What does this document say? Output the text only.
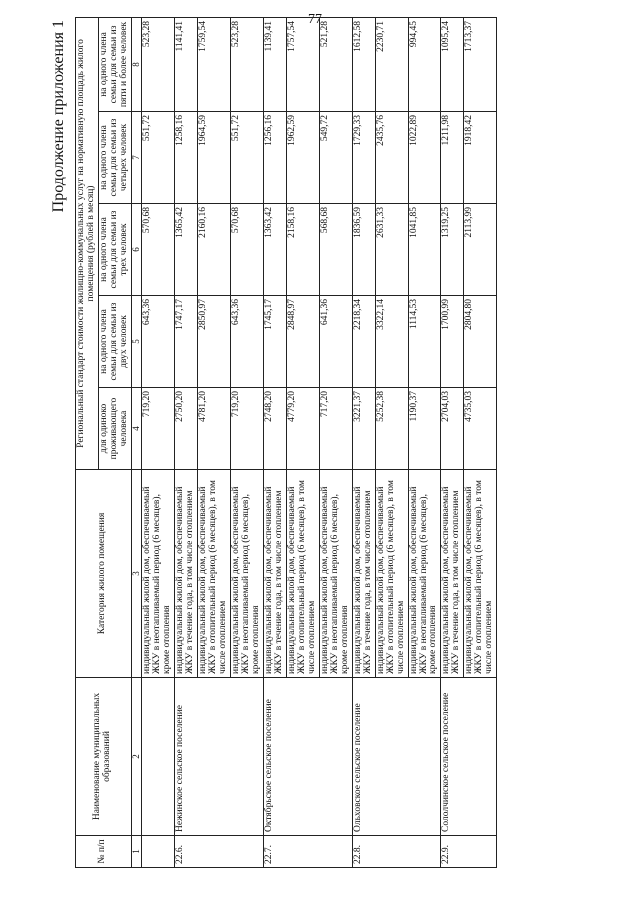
77
Продолжение приложения 1
№ п/п	Наименование муниципальных образований	Категория жилого помещения	Региональный стандарт стоимости жилищно-коммунальных услуг на нормативную площадь жилого помещения (рублей в месяц)				
			для одиноко проживающего человека	на одного члена семьи для семьи из двух человек	на одного члена семьи для семьи из трех человек	на одного члена семьи для семьи из четырех человек	на одного члена семьи для семьи из пяти и более человек
1	2	3	4	5	6	7	8
		индивидуальный жилой дом, обеспечиваемый ЖКУ в неотапливаемый период (6 месяцев), кроме отопления	719,20	643,36	570,68	551,72	523,28
22.6.	Нежинское сельское поселение	индивидуальный жилой дом, обеспечиваемый ЖКУ в течение года, в том числе отоплением	2750,20	1747,17	1365,42	1258,16	1141,41
		индивидуальный жилой дом, обеспечиваемый ЖКУ в отопительный период (6 месяцев), в том числе отоплением	4781,20	2850,97	2160,16	1964,59	1759,54
		индивидуальный жилой дом, обеспечиваемый ЖКУ в неотапливаемый период (6 месяцев), кроме отопления	719,20	643,36	570,68	551,72	523,28
22.7.	Октябрьское сельское поселение	индивидуальный жилой дом, обеспечиваемый ЖКУ в течение года, в том числе отоплением	2748,20	1745,17	1363,42	1256,16	1139,41
		индивидуальный жилой дом, обеспечиваемый ЖКУ в отопительный период (6 месяцев), в том числе отоплением	4779,20	2848,97	2158,16	1962,59	1757,54
		индивидуальный жилой дом, обеспечиваемый ЖКУ в неотапливаемый период (6 месяцев), кроме отопления	717,20	641,36	568,68	549,72	521,28
22.8.	Ольховское сельское поселение	индивидуальный жилой дом, обеспечиваемый ЖКУ в течение года, в том числе отоплением	3221,37	2218,34	1836,59	1729,33	1612,58
		индивидуальный жилой дом, обеспечиваемый ЖКУ в отопительный период (6 месяцев), в том числе отоплением	5252,38	3322,14	2631,33	2435,76	2230,71
		индивидуальный жилой дом, обеспечиваемый ЖКУ в неотапливаемый период (6 месяцев), кроме отопления	1190,37	1114,53	1041,85	1022,89	994,45
22.9.	Сололчинское сельское поселение	индивидуальный жилой дом, обеспечиваемый ЖКУ в течение года, в том числе отоплением	2704,03	1700,99	1319,25	1211,98	1095,24
		индивидуальный жилой дом, обеспечиваемый ЖКУ в отопительный период (6 месяцев), в том числе отоплением	4735,03	2804,80	2113,99	1918,42	1713,37
